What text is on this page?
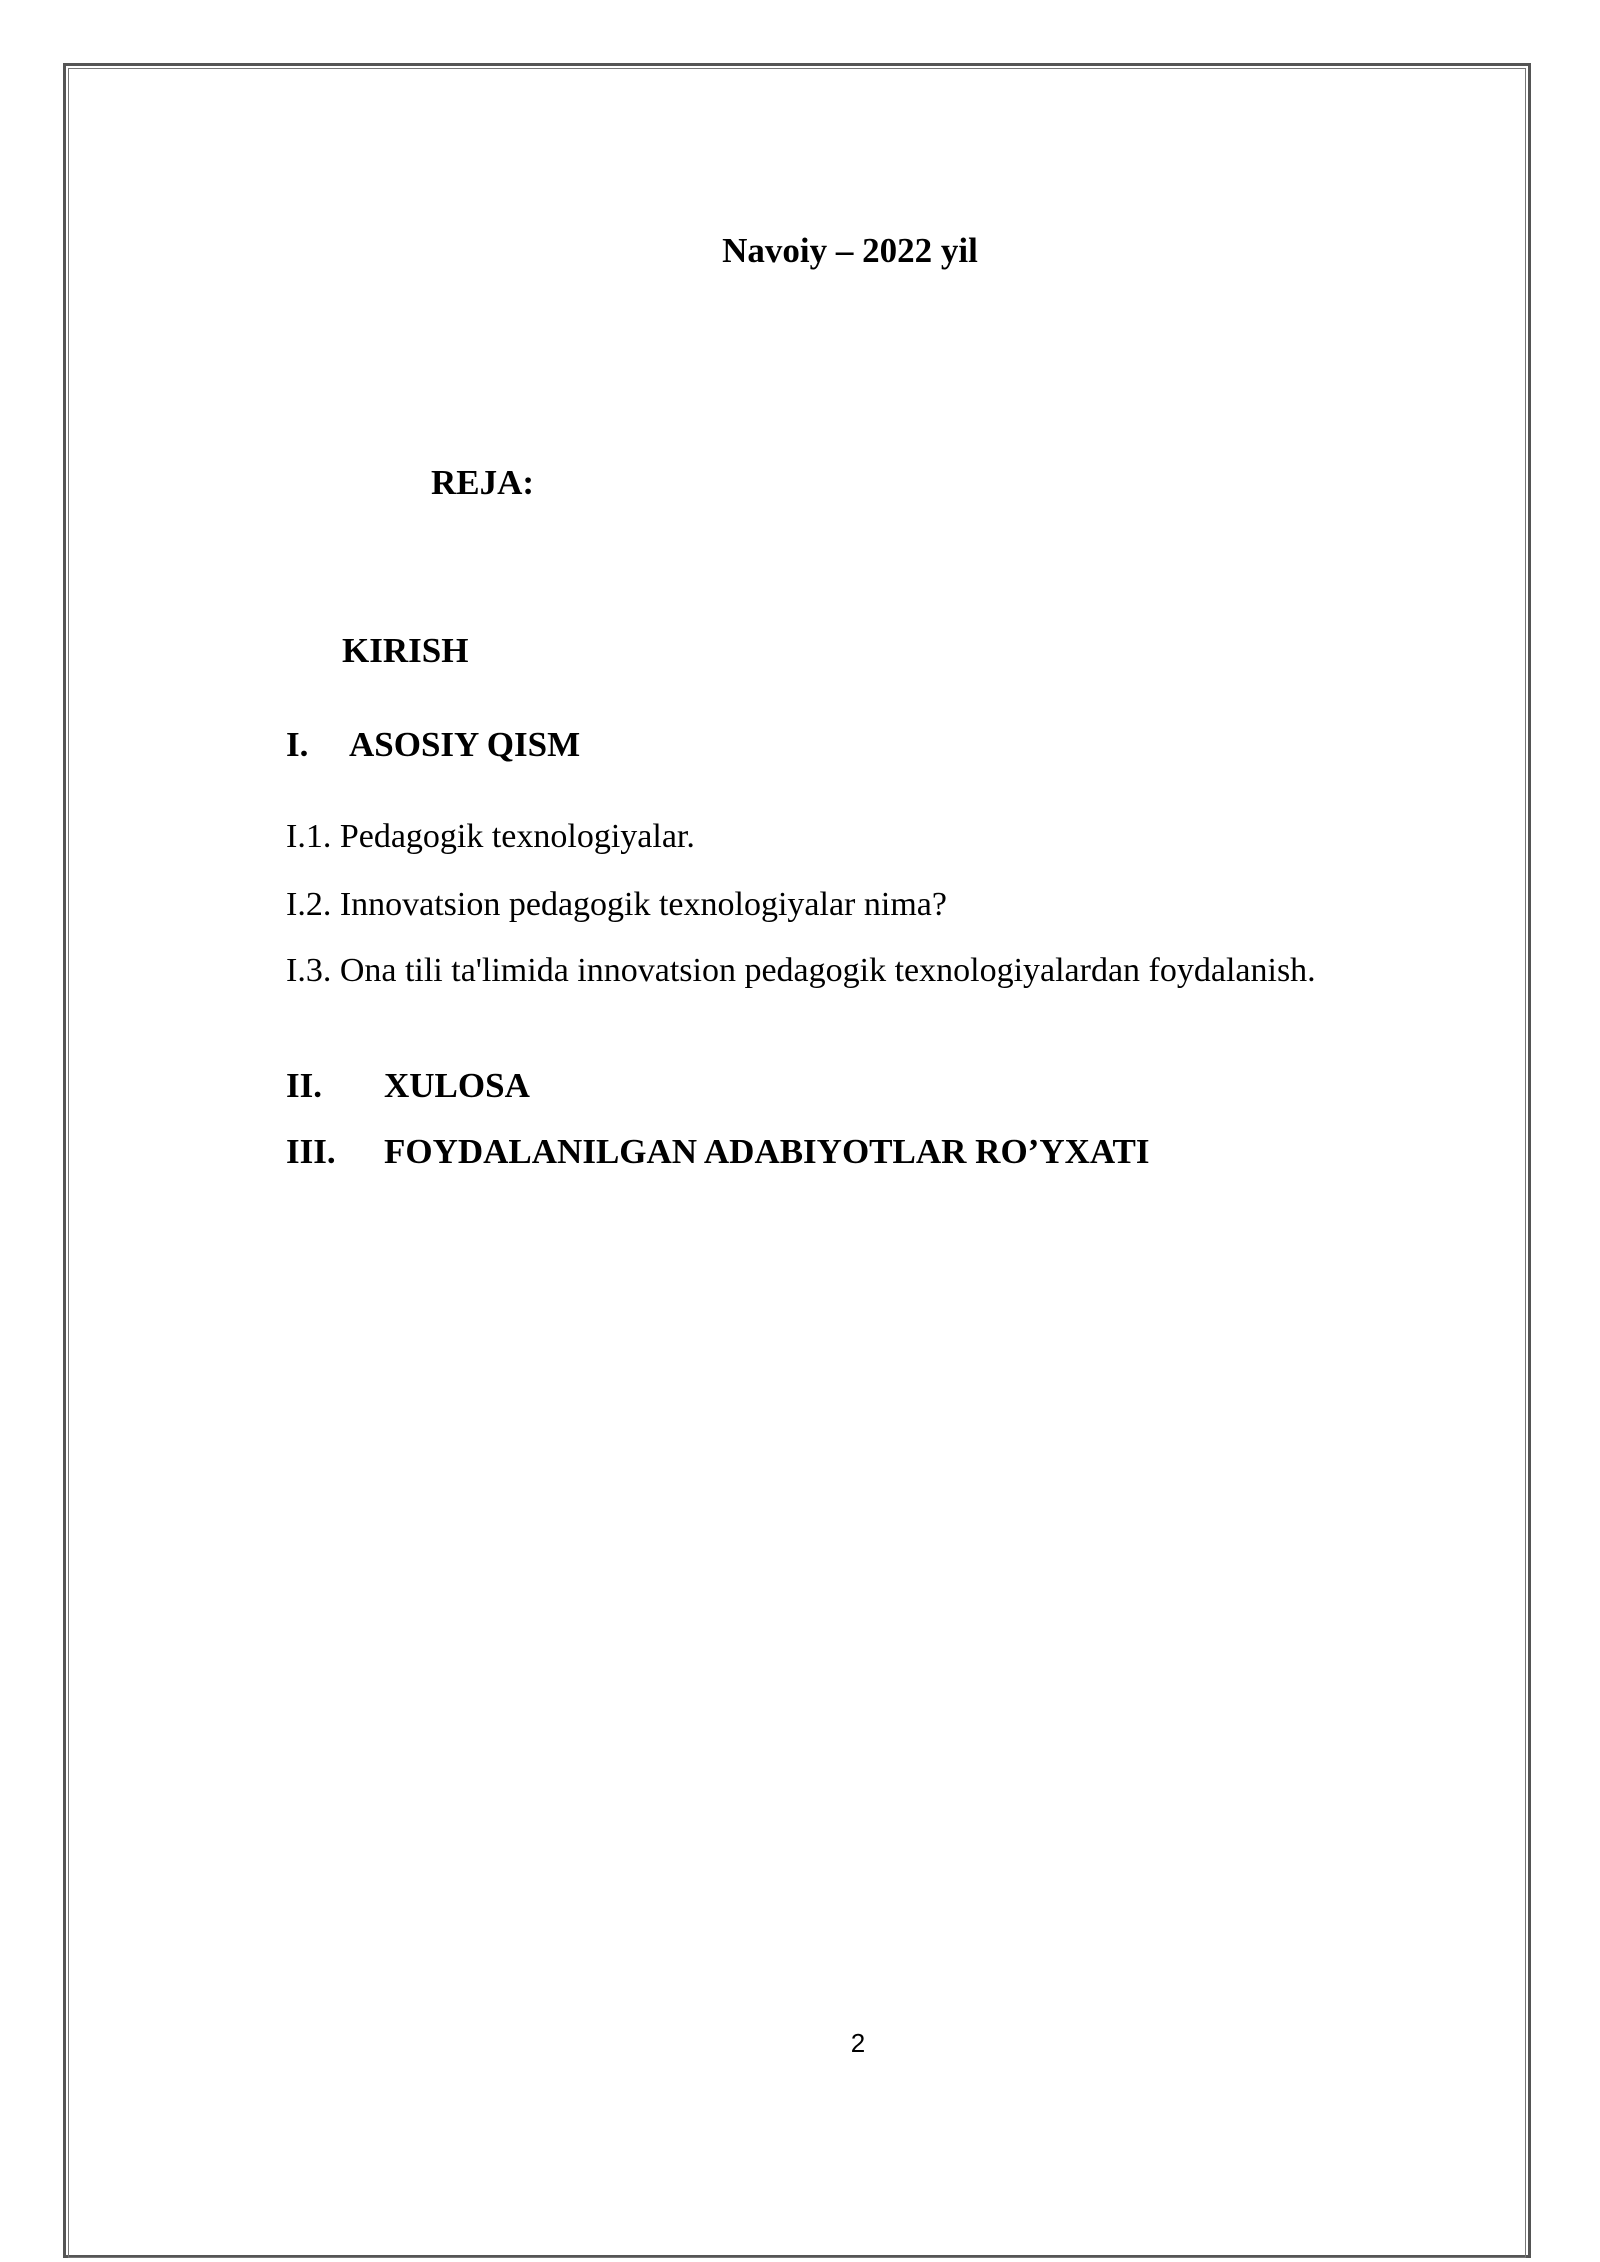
Navoiy – 2022 yil
REJA:
KIRISH
I. ASOSIY QISM
I.1. Pedagogik texnologiyalar.
I.2. Innovatsion pedagogik texnologiyalar nima?
I.3. Ona tili ta'limida innovatsion pedagogik texnologiyalardan foydalanish.
II. XULOSA
III. FOYDALANILGAN ADABIYOTLAR RO’YXATI
2
